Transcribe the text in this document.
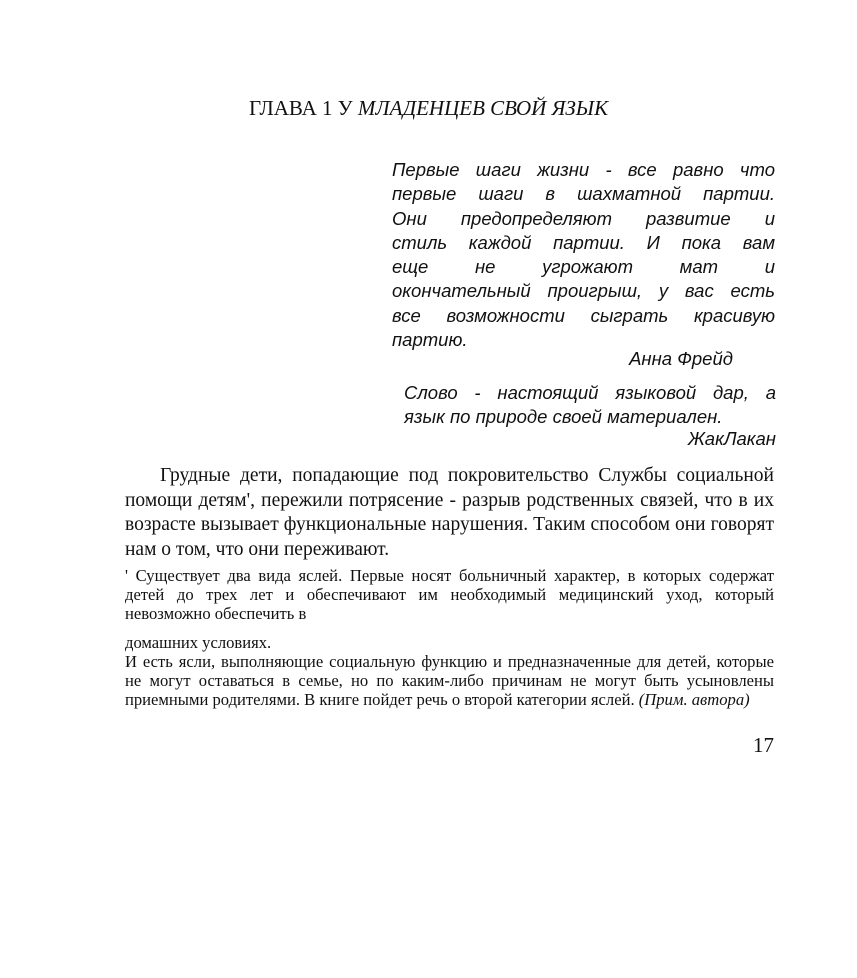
ГЛАВА 1 У МЛАДЕНЦЕВ СВОЙ ЯЗЫК
Первые шаги жизни - все равно что
первые шаги в шахматной партии.
Они предопределяют развитие и
стиль каждой партии. И пока вам
еще не угрожают мат и
окончательный проигрыш, у вас есть
все возможности сыграть красивую
партию.
Анна Фрейд
Слово - настоящий языковой дар, а
язык по природе своей материален.
ЖакЛакан

Грудные дети, попадающие под покровительство Службы социальной помощи детям', пережили потрясение - разрыв родственных связей, что в их возрасте вызывает функциональные нарушения. Таким способом они говорят нам о том, что они переживают.

' Существует два вида яслей. Первые носят больничный характер, в которых содержат детей до трех лет и обеспечивают им необходимый медицинский уход, который невозможно обеспечить в

домашних условиях.

И есть ясли, выполняющие социальную функцию и предназначенные для детей, которые не могут оставаться в семье, но по каким-либо причинам не могут быть усыновлены приемными родителями. В книге пойдет речь о второй категории яслей. (Прим. автора)

17
